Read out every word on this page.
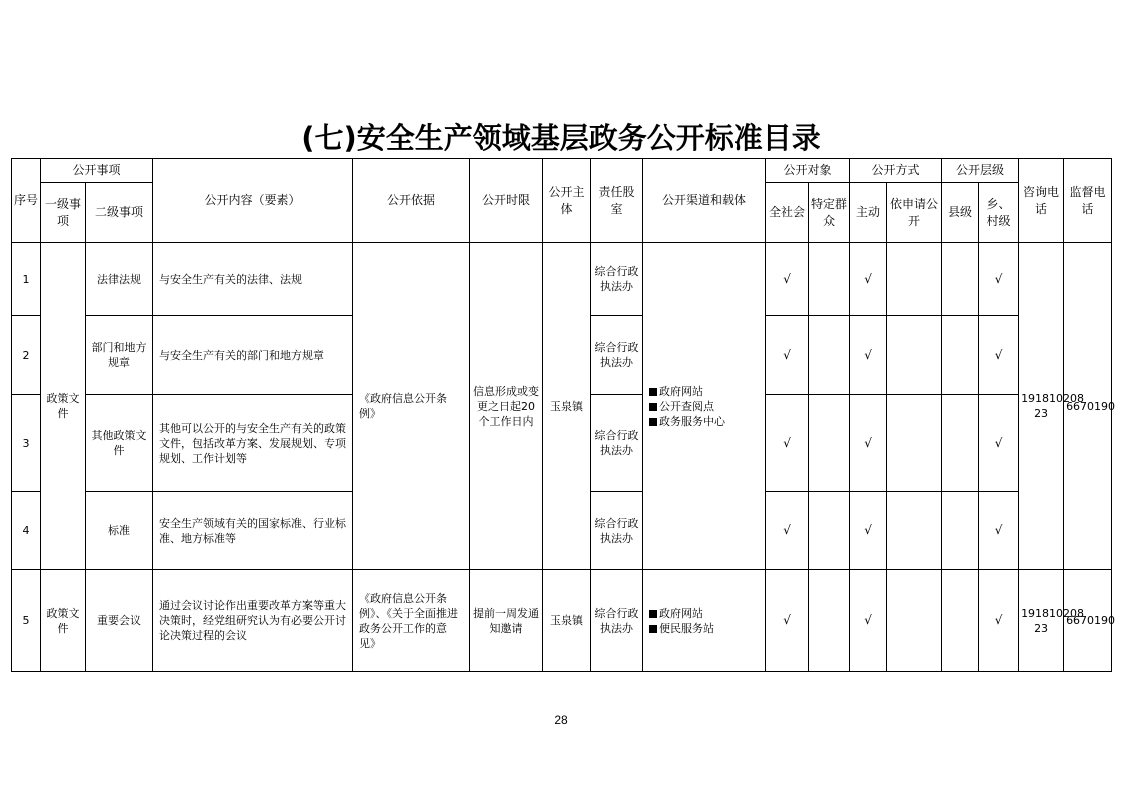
(七)安全生产领域基层政务公开标准目录
序号	公开事项		公开内容（要素）	公开依据	公开时限	公开主体	责任股室	公开渠道和载体	公开对象		公开方式		公开层级		咨询电话	监督电话
	一级事项	二级事项							全社会	特定群众	主动	依申请公开	县级	乡、村级		
1	政策文件	法律法规	与安全生产有关的法律、法规	《政府信息公开条例》	信息形成或变更之日起20个工作日内	玉泉镇	综合行政执法办	政府网站
公开查阅点
政务服务中心	√		√			√	191810208 23	6670190
2		部门和地方规章	与安全生产有关的部门和地方规章				综合行政执法办		√		√			√		
3		其他政策文件	其他可以公开的与安全生产有关的政策文件，包括改革方案、发展规划、专项规划、工作计划等				综合行政执法办		√		√			√		
4		标准	安全生产领域有关的国家标准、行业标准、地方标准等				综合行政执法办		√		√			√		
5	政策文件	重要会议	通过会议讨论作出重要改革方案等重大决策时，经党组研究认为有必要公开讨论决策过程的会议	《政府信息公开条例》、《关于全面推进政务公开工作的意见》	提前一周发通知邀请	玉泉镇	综合行政执法办	政府网站
便民服务站	√		√			√	191810208 23	6670190
28
